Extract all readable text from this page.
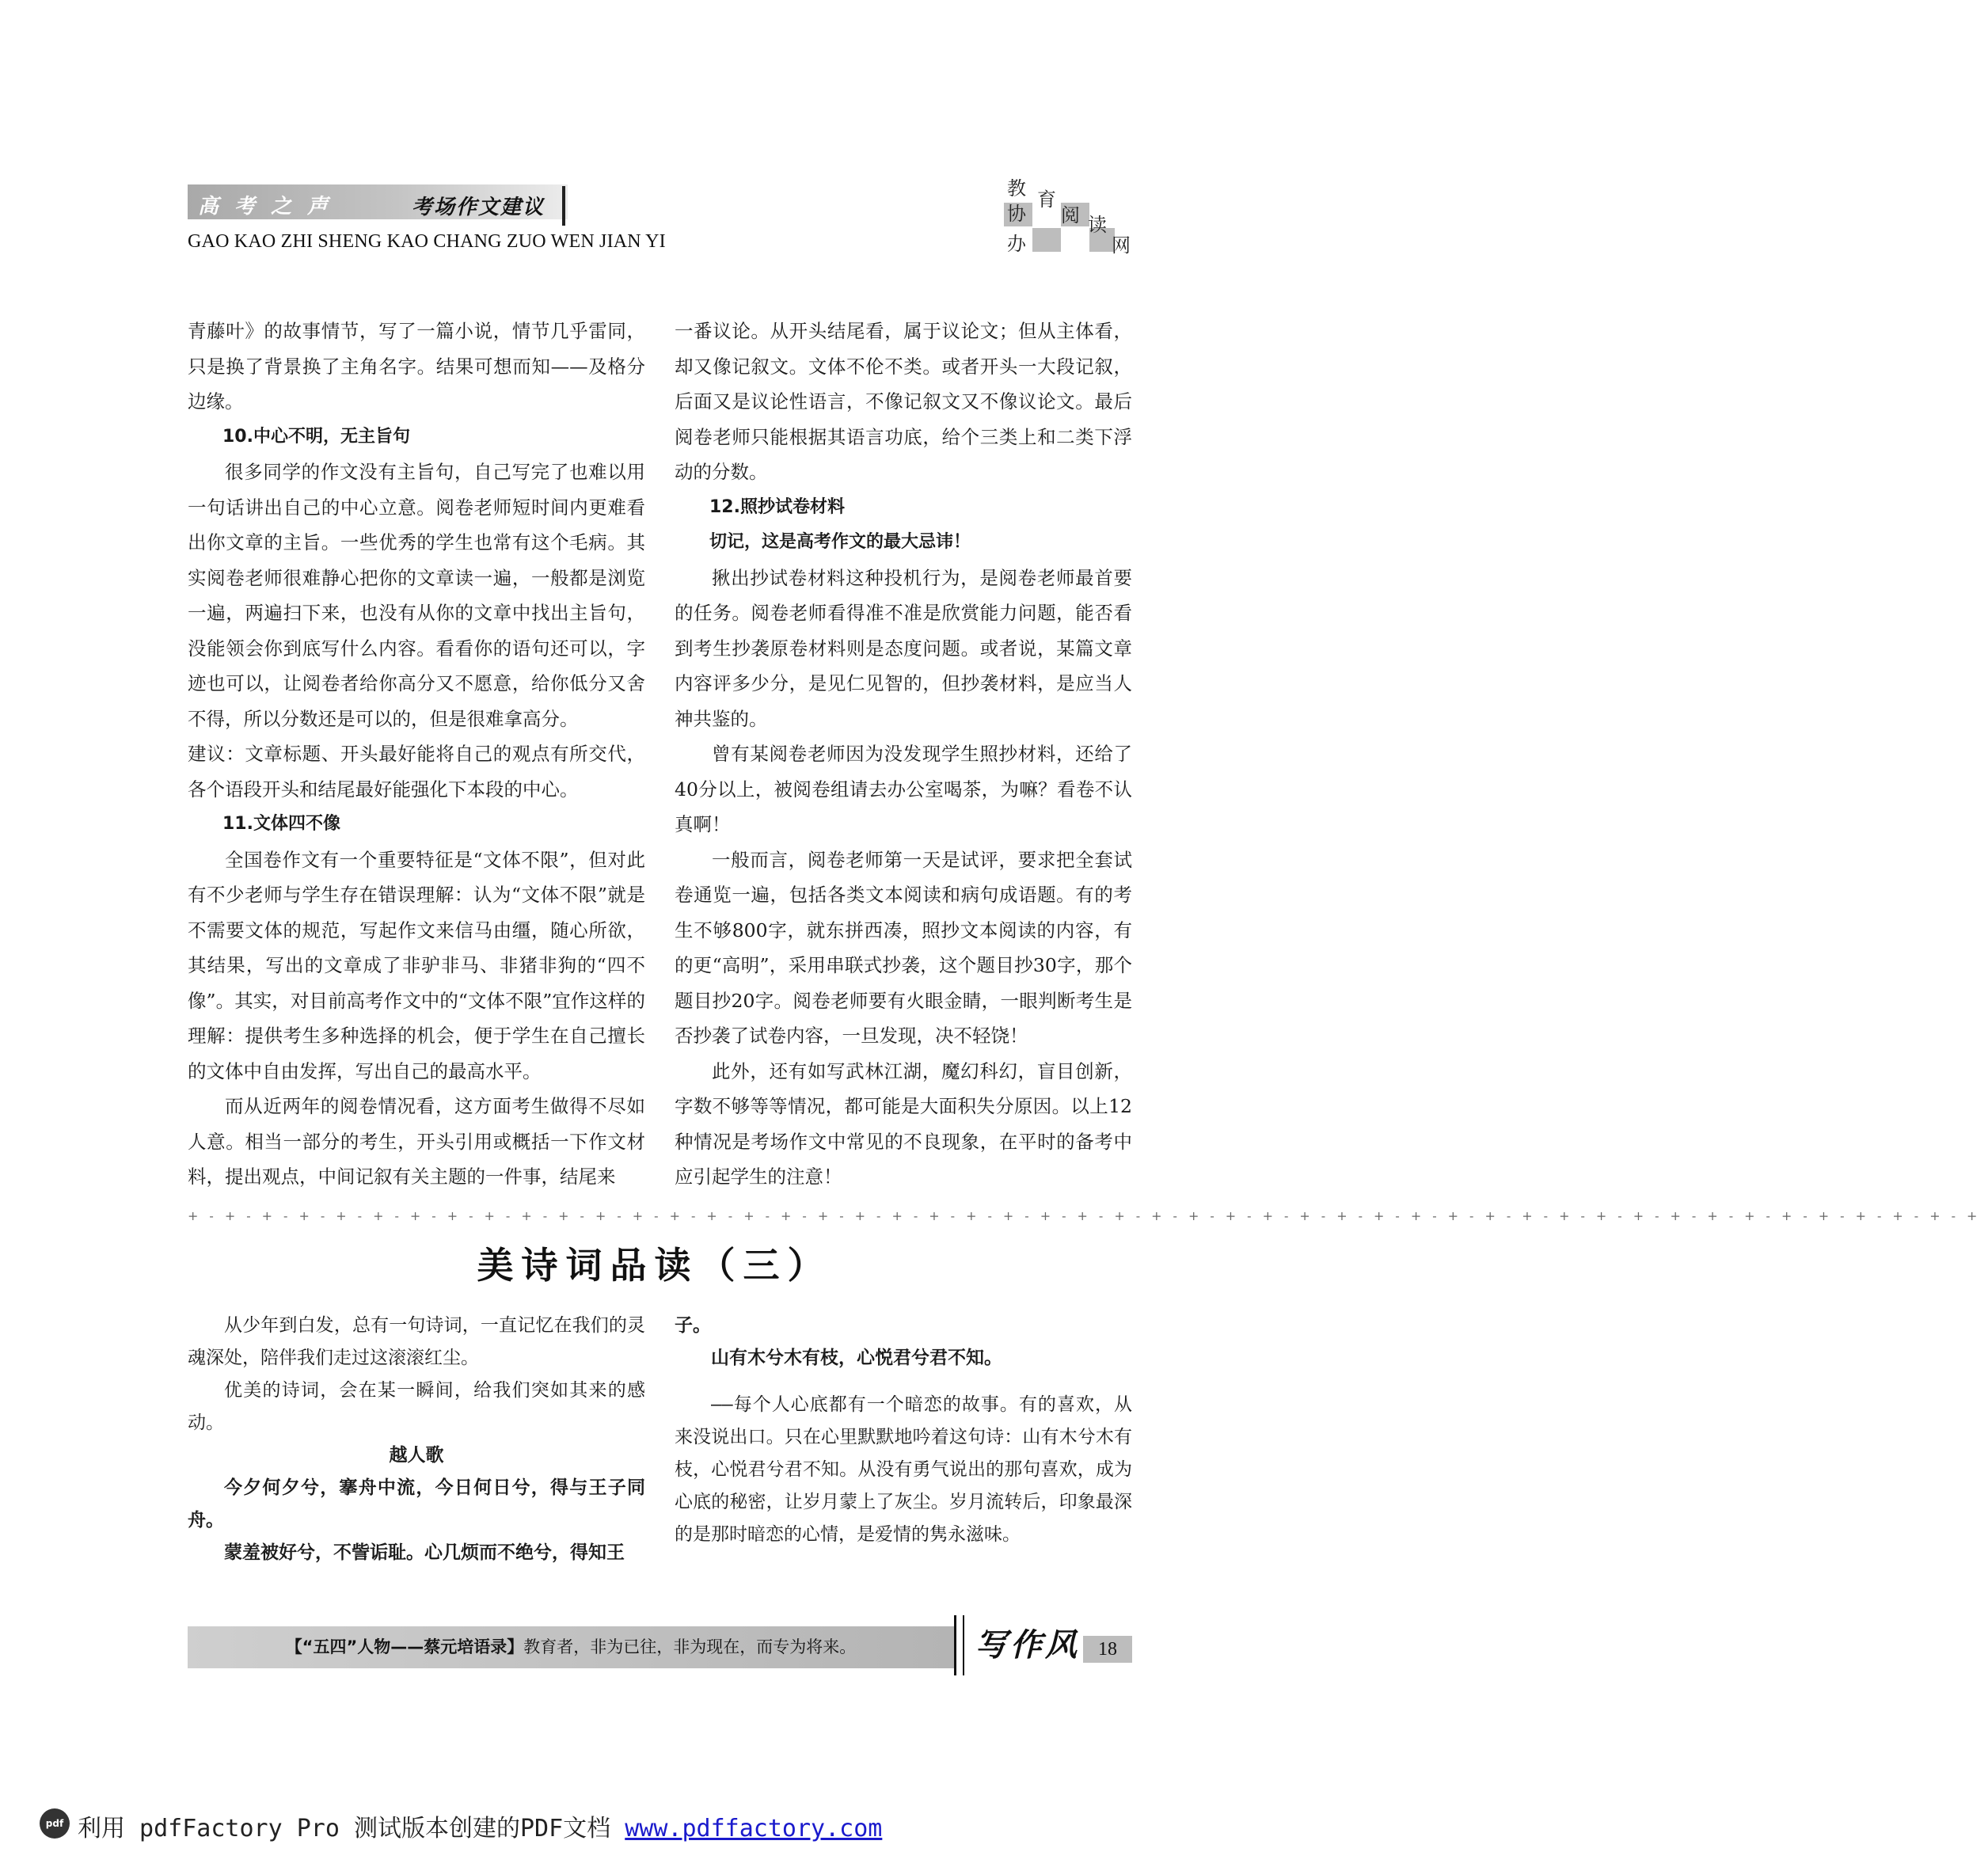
高考之声	考场作文建议
GAO KAO ZHI SHENG KAO CHANG ZUO WEN JIAN YI
教 育
协 阅 读
办	网

青藤叶》的故事情节，写了一篇小说，情节几乎雷同，只是换了背景换了主角名字。结果可想而知——及格分边缘。

10.中心不明，无主旨句

很多同学的作文没有主旨句，自己写完了也难以用一句话讲出自己的中心立意。阅卷老师短时间内更难看出你文章的主旨。一些优秀的学生也常有这个毛病。其实阅卷老师很难静心把你的文章读一遍，一般都是浏览一遍，两遍扫下来，也没有从你的文章中找出主旨句，没能领会你到底写什么内容。看看你的语句还可以，字迹也可以，让阅卷者给你高分又不愿意，给你低分又舍不得，所以分数还是可以的，但是很难拿高分。

建议：文章标题、开头最好能将自己的观点有所交代，各个语段开头和结尾最好能强化下本段的中心。

11.文体四不像

全国卷作文有一个重要特征是“文体不限”，但对此有不少老师与学生存在错误理解：认为“文体不限”就是不需要文体的规范，写起作文来信马由缰，随心所欲，其结果，写出的文章成了非驴非马、非猪非狗的“四不像”。其实，对目前高考作文中的“文体不限”宜作这样的理解：提供考生多种选择的机会，便于学生在自己擅长的文体中自由发挥，写出自己的最高水平。

而从近两年的阅卷情况看，这方面考生做得不尽如人意。相当一部分的考生，开头引用或概括一下作文材料，提出观点，中间记叙有关主题的一件事，结尾来

一番议论。从开头结尾看，属于议论文；但从主体看，却又像记叙文。文体不伦不类。或者开头一大段记叙，后面又是议论性语言，不像记叙文又不像议论文。最后阅卷老师只能根据其语言功底，给个三类上和二类下浮动的分数。

12.照抄试卷材料

切记，这是高考作文的最大忌讳！

揪出抄试卷材料这种投机行为，是阅卷老师最首要的任务。阅卷老师看得准不准是欣赏能力问题，能否看到考生抄袭原卷材料则是态度问题。或者说，某篇文章内容评多少分，是见仁见智的，但抄袭材料，是应当人神共鉴的。

曾有某阅卷老师因为没发现学生照抄材料，还给了40分以上，被阅卷组请去办公室喝茶，为嘛？看卷不认真啊！

一般而言，阅卷老师第一天是试评，要求把全套试卷通览一遍，包括各类文本阅读和病句成语题。有的考生不够800字，就东拼西凑，照抄文本阅读的内容，有的更“高明”，采用串联式抄袭，这个题目抄30字，那个题目抄20字。阅卷老师要有火眼金睛，一眼判断考生是否抄袭了试卷内容，一旦发现，决不轻饶！

此外，还有如写武林江湖，魔幻科幻，盲目创新，字数不够等等情况，都可能是大面积失分原因。以上12种情况是考场作文中常见的不良现象，在平时的备考中应引起学生的注意！

+-+-+-+-+-+-+-+-+-+-+-+-+-+-+-+-+-+-+-+-+-+-+-+-+-+-+-+-+-+-+-+-+-+-+-+-+-+-+-+-+-+-+-+-+-+-+-+-+
美诗词品读（三）

从少年到白发，总有一句诗词，一直记忆在我们的灵魂深处，陪伴我们走过这滚滚红尘。

优美的诗词，会在某一瞬间，给我们突如其来的感动。

越人歌

今夕何夕兮，搴舟中流，今日何日兮，得与王子同舟。

蒙羞被好兮，不訾诟耻。心几烦而不绝兮，得知王

子。

山有木兮木有枝，心悦君兮君不知。

——每个人心底都有一个暗恋的故事。有的喜欢，从来没说出口。只在心里默默地吟着这句诗：山有木兮木有枝，心悦君兮君不知。从没有勇气说出的那句喜欢，成为心底的秘密，让岁月蒙上了灰尘。岁月流转后，印象最深的是那时暗恋的心情，是爱情的隽永滋味。

【“五四”人物——蔡元培语录】教育者，非为已往，非为现在，而专为将来。	写作风 18
pdf 利用 pdfFactory Pro 测试版本创建的PDF文档 www.pdffactory.com
